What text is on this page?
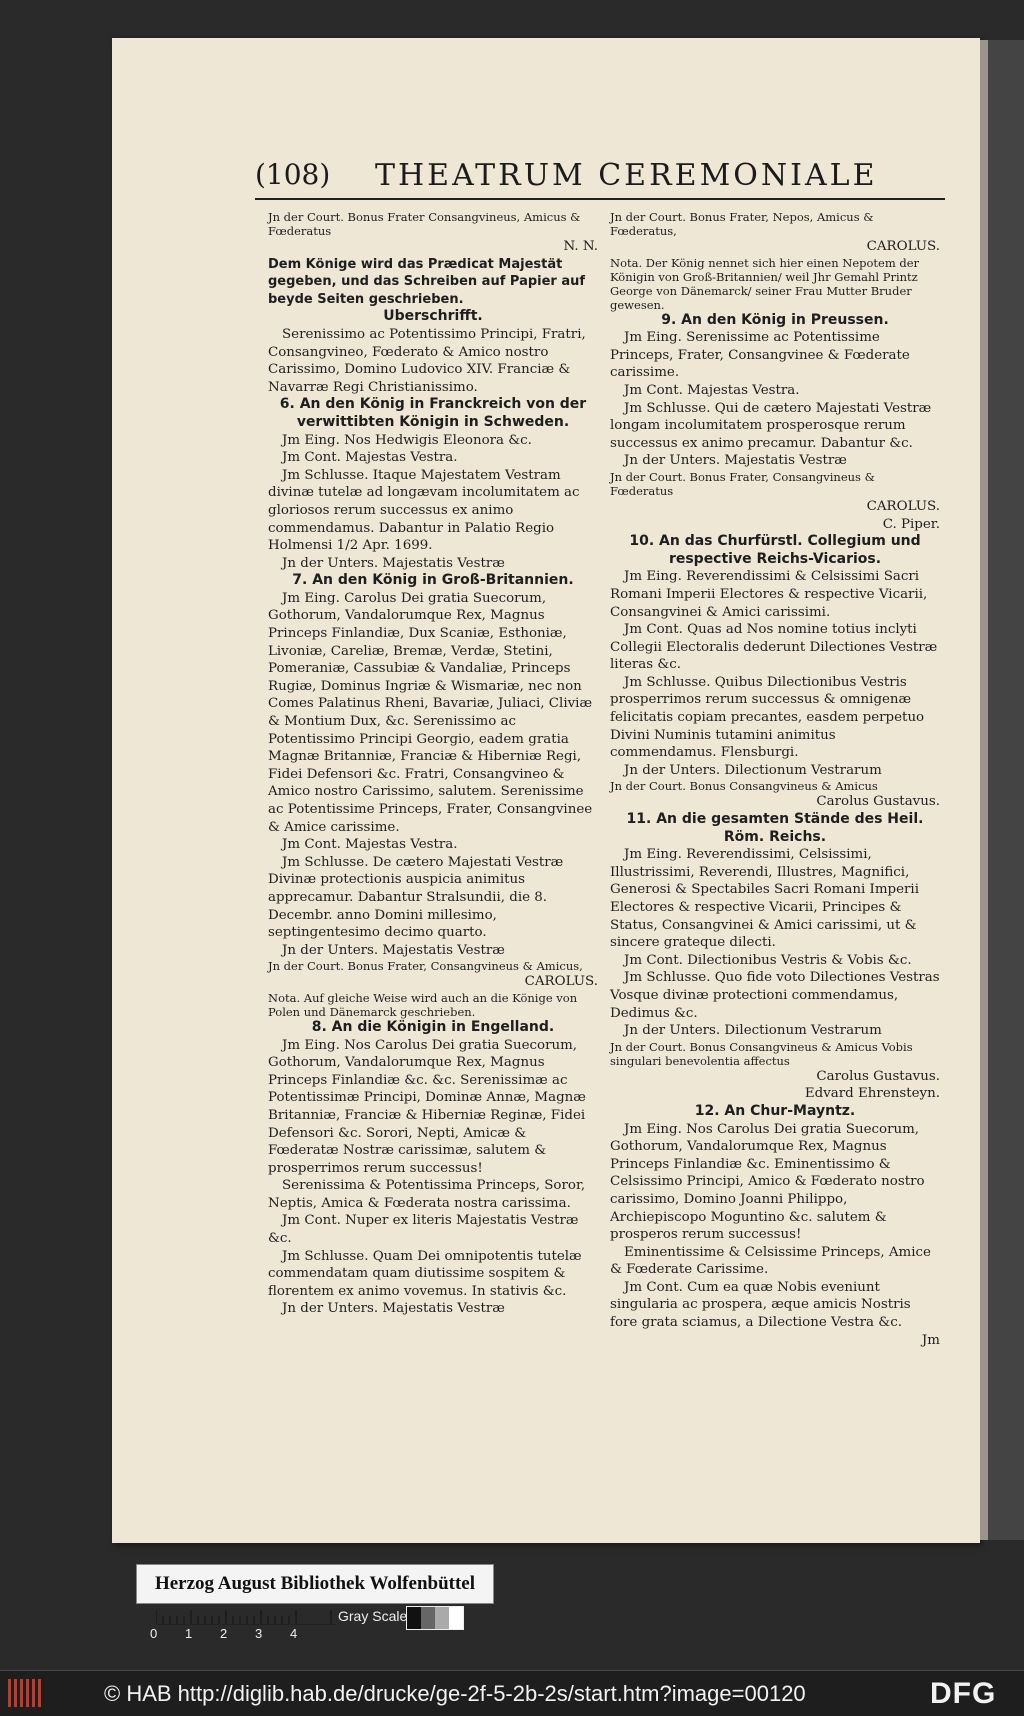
(108) THEATRUM CEREMONIALE

Jn der Court. Bonus Frater Consangvineus, Amicus & Fœderatus

N. N.

Dem Könige wird das Prædicat Majestät gegeben, und das Schreiben auf Papier auf beyde Seiten geschrieben.

Uberschrifft.

Serenissimo ac Potentissimo Principi, Fratri, Consangvineo, Fœderato & Amico nostro Carissimo, Domino Ludovico XIV. Franciæ & Navarræ Regi Christianissimo.

6. An den König in Franckreich von der verwittibten Königin in Schweden.

Jm Eing. Nos Hedwigis Eleonora &c.

Jm Cont. Majestas Vestra.

Jm Schlusse. Itaque Majestatem Vestram divinæ tutelæ ad longævam incolumitatem ac gloriosos rerum successus ex animo commendamus. Dabantur in Palatio Regio Holmensi 1/2 Apr. 1699.

Jn der Unters. Majestatis Vestræ

7. An den König in Groß-Britannien.

Jm Eing. Carolus Dei gratia Suecorum, Gothorum, Vandalorumque Rex, Magnus Princeps Finlandiæ, Dux Scaniæ, Esthoniæ, Livoniæ, Careliæ, Bremæ, Verdæ, Stetini, Pomeraniæ, Cassubiæ & Vandaliæ, Princeps Rugiæ, Dominus Ingriæ & Wismariæ, nec non Comes Palatinus Rheni, Bavariæ, Juliaci, Cliviæ & Montium Dux, &c. Serenissimo ac Potentissimo Principi Georgio, eadem gratia Magnæ Britanniæ, Franciæ & Hiberniæ Regi, Fidei Defensori &c. Fratri, Consangvineo & Amico nostro Carissimo, salutem. Serenissime ac Potentissime Princeps, Frater, Consangvinee & Amice carissime.

Jm Cont. Majestas Vestra.

Jm Schlusse. De cætero Majestati Vestræ Divinæ protectionis auspicia animitus apprecamur. Dabantur Stralsundii, die 8. Decembr. anno Domini millesimo, septingentesimo decimo quarto.

Jn der Unters. Majestatis Vestræ

Jn der Court. Bonus Frater, Consangvineus & Amicus,

CAROLUS.

Nota. Auf gleiche Weise wird auch an die Könige von Polen und Dänemarck geschrieben.

8. An die Königin in Engelland.

Jm Eing. Nos Carolus Dei gratia Suecorum, Gothorum, Vandalorumque Rex, Magnus Princeps Finlandiæ &c. &c. Serenissimæ ac Potentissimæ Principi, Dominæ Annæ, Magnæ Britanniæ, Franciæ & Hiberniæ Reginæ, Fidei Defensori &c. Sorori, Nepti, Amicæ & Fœderatæ Nostræ carissimæ, salutem & prosperrimos rerum successus!

Serenissima & Potentissima Princeps, Soror, Neptis, Amica & Fœderata nostra carissima.

Jm Cont. Nuper ex literis Majestatis Vestræ &c.

Jm Schlusse. Quam Dei omnipotentis tutelæ commendatam quam diutissime sospitem & florentem ex animo vovemus. In stativis &c.

Jn der Unters. Majestatis Vestræ

Jn der Court. Bonus Frater, Nepos, Amicus & Fœderatus,

CAROLUS.

Nota. Der König nennet sich hier einen Nepotem der Königin von Groß-Britannien/ weil Jhr Gemahl Printz George von Dänemarck/ seiner Frau Mutter Bruder gewesen.

9. An den König in Preussen.

Jm Eing. Serenissime ac Potentissime Princeps, Frater, Consangvinee & Fœderate carissime.

Jm Cont. Majestas Vestra.

Jm Schlusse. Qui de cætero Majestati Vestræ longam incolumitatem prosperosque rerum successus ex animo precamur. Dabantur &c.

Jn der Unters. Majestatis Vestræ

Jn der Court. Bonus Frater, Consangvineus & Fœderatus

CAROLUS.

C. Piper.

10. An das Churfürstl. Collegium und respective Reichs-Vicarios.

Jm Eing. Reverendissimi & Celsissimi Sacri Romani Imperii Electores & respective Vicarii, Consangvinei & Amici carissimi.

Jm Cont. Quas ad Nos nomine totius inclyti Collegii Electoralis dederunt Dilectiones Vestræ literas &c.

Jm Schlusse. Quibus Dilectionibus Vestris prosperrimos rerum successus & omnigenæ felicitatis copiam precantes, easdem perpetuo Divini Numinis tutamini animitus commendamus. Flensburgi.

Jn der Unters. Dilectionum Vestrarum

Jn der Court. Bonus Consangvineus & Amicus

Carolus Gustavus.

11. An die gesamten Stände des Heil. Röm. Reichs.

Jm Eing. Reverendissimi, Celsissimi, Illustrissimi, Reverendi, Illustres, Magnifici, Generosi & Spectabiles Sacri Romani Imperii Electores & respective Vicarii, Principes & Status, Consangvinei & Amici carissimi, ut & sincere grateque dilecti.

Jm Cont. Dilectionibus Vestris & Vobis &c.

Jm Schlusse. Quo fide voto Dilectiones Vestras Vosque divinæ protectioni commendamus, Dedimus &c.

Jn der Unters. Dilectionum Vestrarum

Jn der Court. Bonus Consangvineus & Amicus Vobis singulari benevolentia affectus

Carolus Gustavus.

Edvard Ehrensteyn.

12. An Chur-Mayntz.

Jm Eing. Nos Carolus Dei gratia Suecorum, Gothorum, Vandalorumque Rex, Magnus Princeps Finlandiæ &c. Eminentissimo & Celsissimo Principi, Amico & Fœderato nostro carissimo, Domino Joanni Philippo, Archiepiscopo Moguntino &c. salutem & prosperos rerum successus!

Eminentissime & Celsissime Princeps, Amice & Fœderate Carissime.

Jm Cont. Cum ea quæ Nobis eveniunt singularia ac prospera, æque amicis Nostris fore grata sciamus, a Dilectione Vestra &c.

Jm

Herzog August Bibliothek Wolfenbüttel
0 1 2 3 4
Gray Scale
© HAB http://diglib.hab.de/drucke/ge-2f-5-2b-2s/start.htm?image=00120	DFG
